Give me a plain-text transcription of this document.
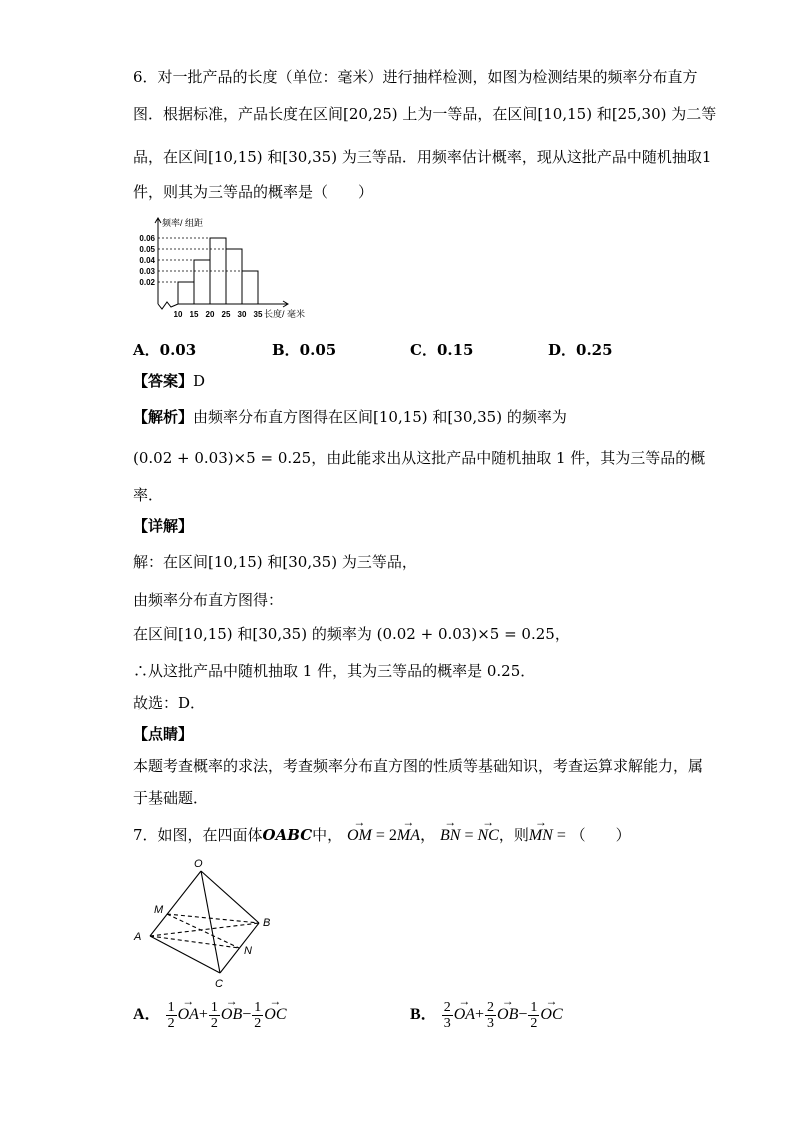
6．对一批产品的长度（单位：毫米）进行抽样检测，如图为检测结果的频率分布直方
图．根据标准，产品长度在区间[20,25) 上为一等品，在区间[10,15) 和[25,30) 为二等
品，在区间[10,15) 和[30,35) 为三等品．用频率估计概率，现从这批产品中随机抽取1
件，则其为三等品的概率是（　　）
0.06
0.05
0.04
0.03
0.02
10 15 20 25 30 35
频率/ 组距
长度/ 毫米
A．0.03	B．0.05	C．0.15	D．0.25
【答案】D
【解析】由频率分布直方图得在区间[10,15) 和[30,35) 的频率为
(0.02 + 0.03)×5 = 0.25，由此能求出从这批产品中随机抽取 1 件，其为三等品的概
率．
【详解】
解：在区间[10,15) 和[30,35) 为三等品，
由频率分布直方图得：
在区间[10,15) 和[30,35) 的频率为 (0.02 + 0.03)×5 = 0.25，
∴从这批产品中随机抽取 1 件，其为三等品的概率是 0.25．
故选：D．
【点睛】
本题考查概率的求法，考查频率分布直方图的性质等基础知识，考查运算求解能力，属
于基础题．
7．如图，在四面体OABC中， → OM = 2→ MA， → BN = → NC，则→ MN = （　　）
O
M
A
B
N
C
A． $\frac{1}{2}$
→ $OA+ \frac{1}{2}$
→ $OB- \frac{1}{2}$
→ OC	B． $\frac{2}{3}$
→ $OA+ \frac{2}{3}$
→ $OB- \frac{1}{2}$
→ OC
